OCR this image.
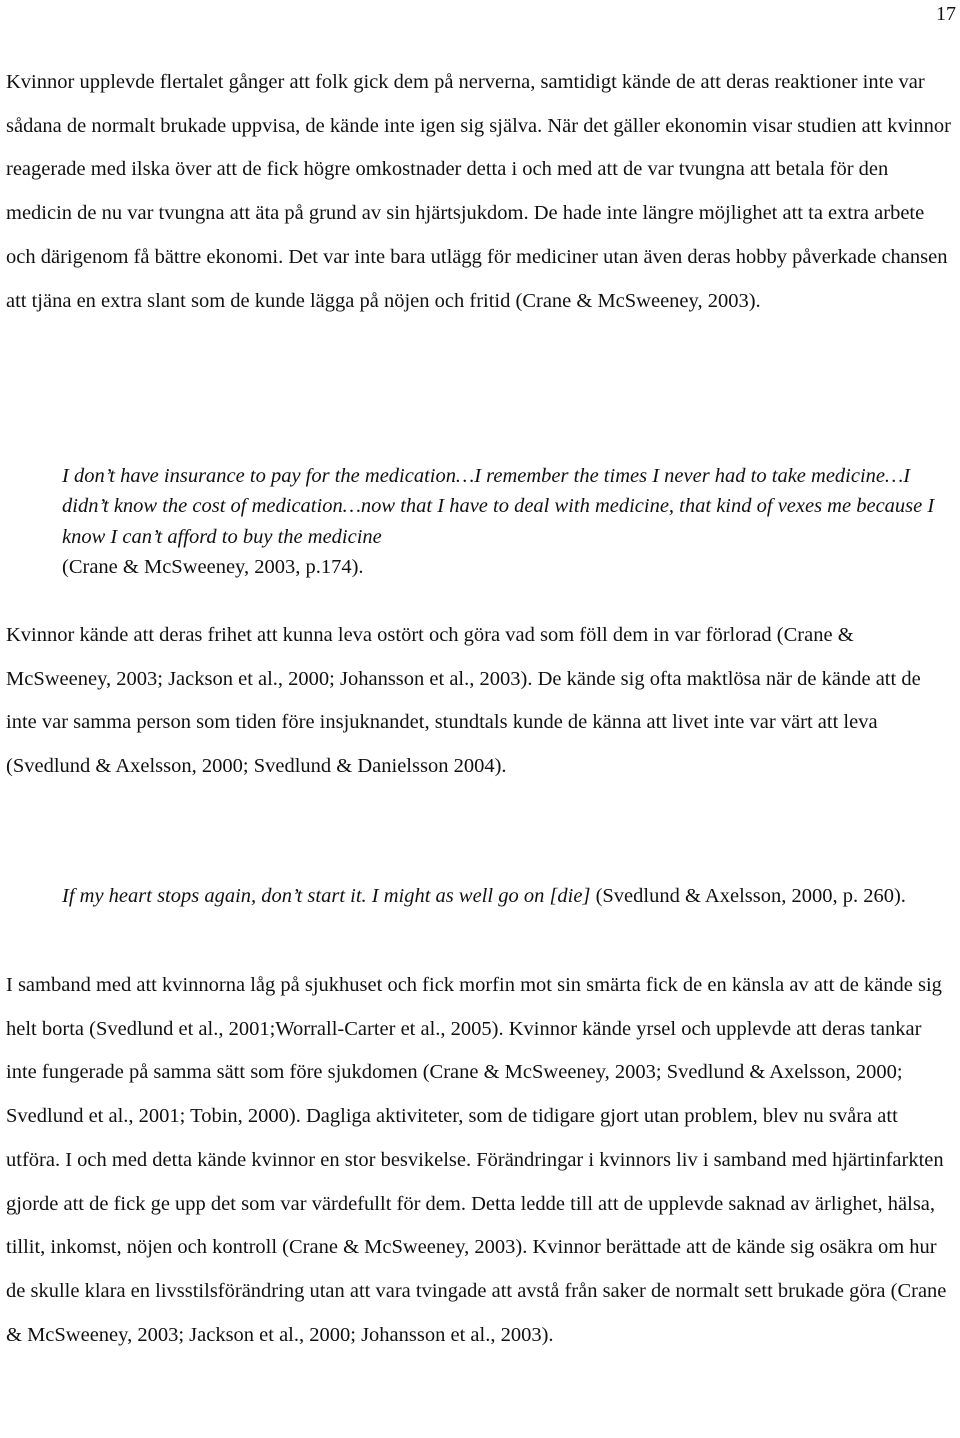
17

Kvinnor upplevde flertalet gånger att folk gick dem på nerverna, samtidigt kände de att deras reaktioner inte var sådana de normalt brukade uppvisa, de kände inte igen sig själva. När det gäller ekonomin visar studien att kvinnor reagerade med ilska över att de fick högre omkostnader detta i och med att de var tvungna att betala för den medicin de nu var tvungna att äta på grund av sin hjärtsjukdom. De hade inte längre möjlighet att ta extra arbete och därigenom få bättre ekonomi. Det var inte bara utlägg för mediciner utan även deras hobby påverkade chansen att tjäna en extra slant som de kunde lägga på nöjen och fritid (Crane & McSweeney, 2003).

I don’t have insurance to pay for the medication…I remember the times I never had to take medicine…I didn’t know the cost of medication…now that I have to deal with medicine, that kind of vexes me because I know I can’t afford to buy the medicine
(Crane & McSweeney, 2003, p.174).

Kvinnor kände att deras frihet att kunna leva ostört och göra vad som föll dem in var förlorad (Crane & McSweeney, 2003; Jackson et al., 2000; Johansson et al., 2003). De kände sig ofta maktlösa när de kände att de inte var samma person som tiden före insjuknandet, stundtals kunde de känna att livet inte var värt att leva (Svedlund & Axelsson, 2000; Svedlund & Danielsson 2004).

If my heart stops again, don’t start it. I might as well go on [die] (Svedlund & Axelsson, 2000, p. 260).

I samband med att kvinnorna låg på sjukhuset och fick morfin mot sin smärta fick de en känsla av att de kände sig helt borta (Svedlund et al., 2001;Worrall-Carter et al., 2005). Kvinnor kände yrsel och upplevde att deras tankar inte fungerade på samma sätt som före sjukdomen (Crane & McSweeney, 2003; Svedlund & Axelsson, 2000; Svedlund et al., 2001; Tobin, 2000). Dagliga aktiviteter, som de tidigare gjort utan problem, blev nu svåra att utföra. I och med detta kände kvinnor en stor besvikelse. Förändringar i kvinnors liv i samband med hjärtinfarkten gjorde att de fick ge upp det som var värdefullt för dem. Detta ledde till att de upplevde saknad av ärlighet, hälsa, tillit, inkomst, nöjen och kontroll (Crane & McSweeney, 2003). Kvinnor berättade att de kände sig osäkra om hur de skulle klara en livsstilsförändring utan att vara tvingade att avstå från saker de normalt sett brukade göra (Crane & McSweeney, 2003; Jackson et al., 2000; Johansson et al., 2003).
